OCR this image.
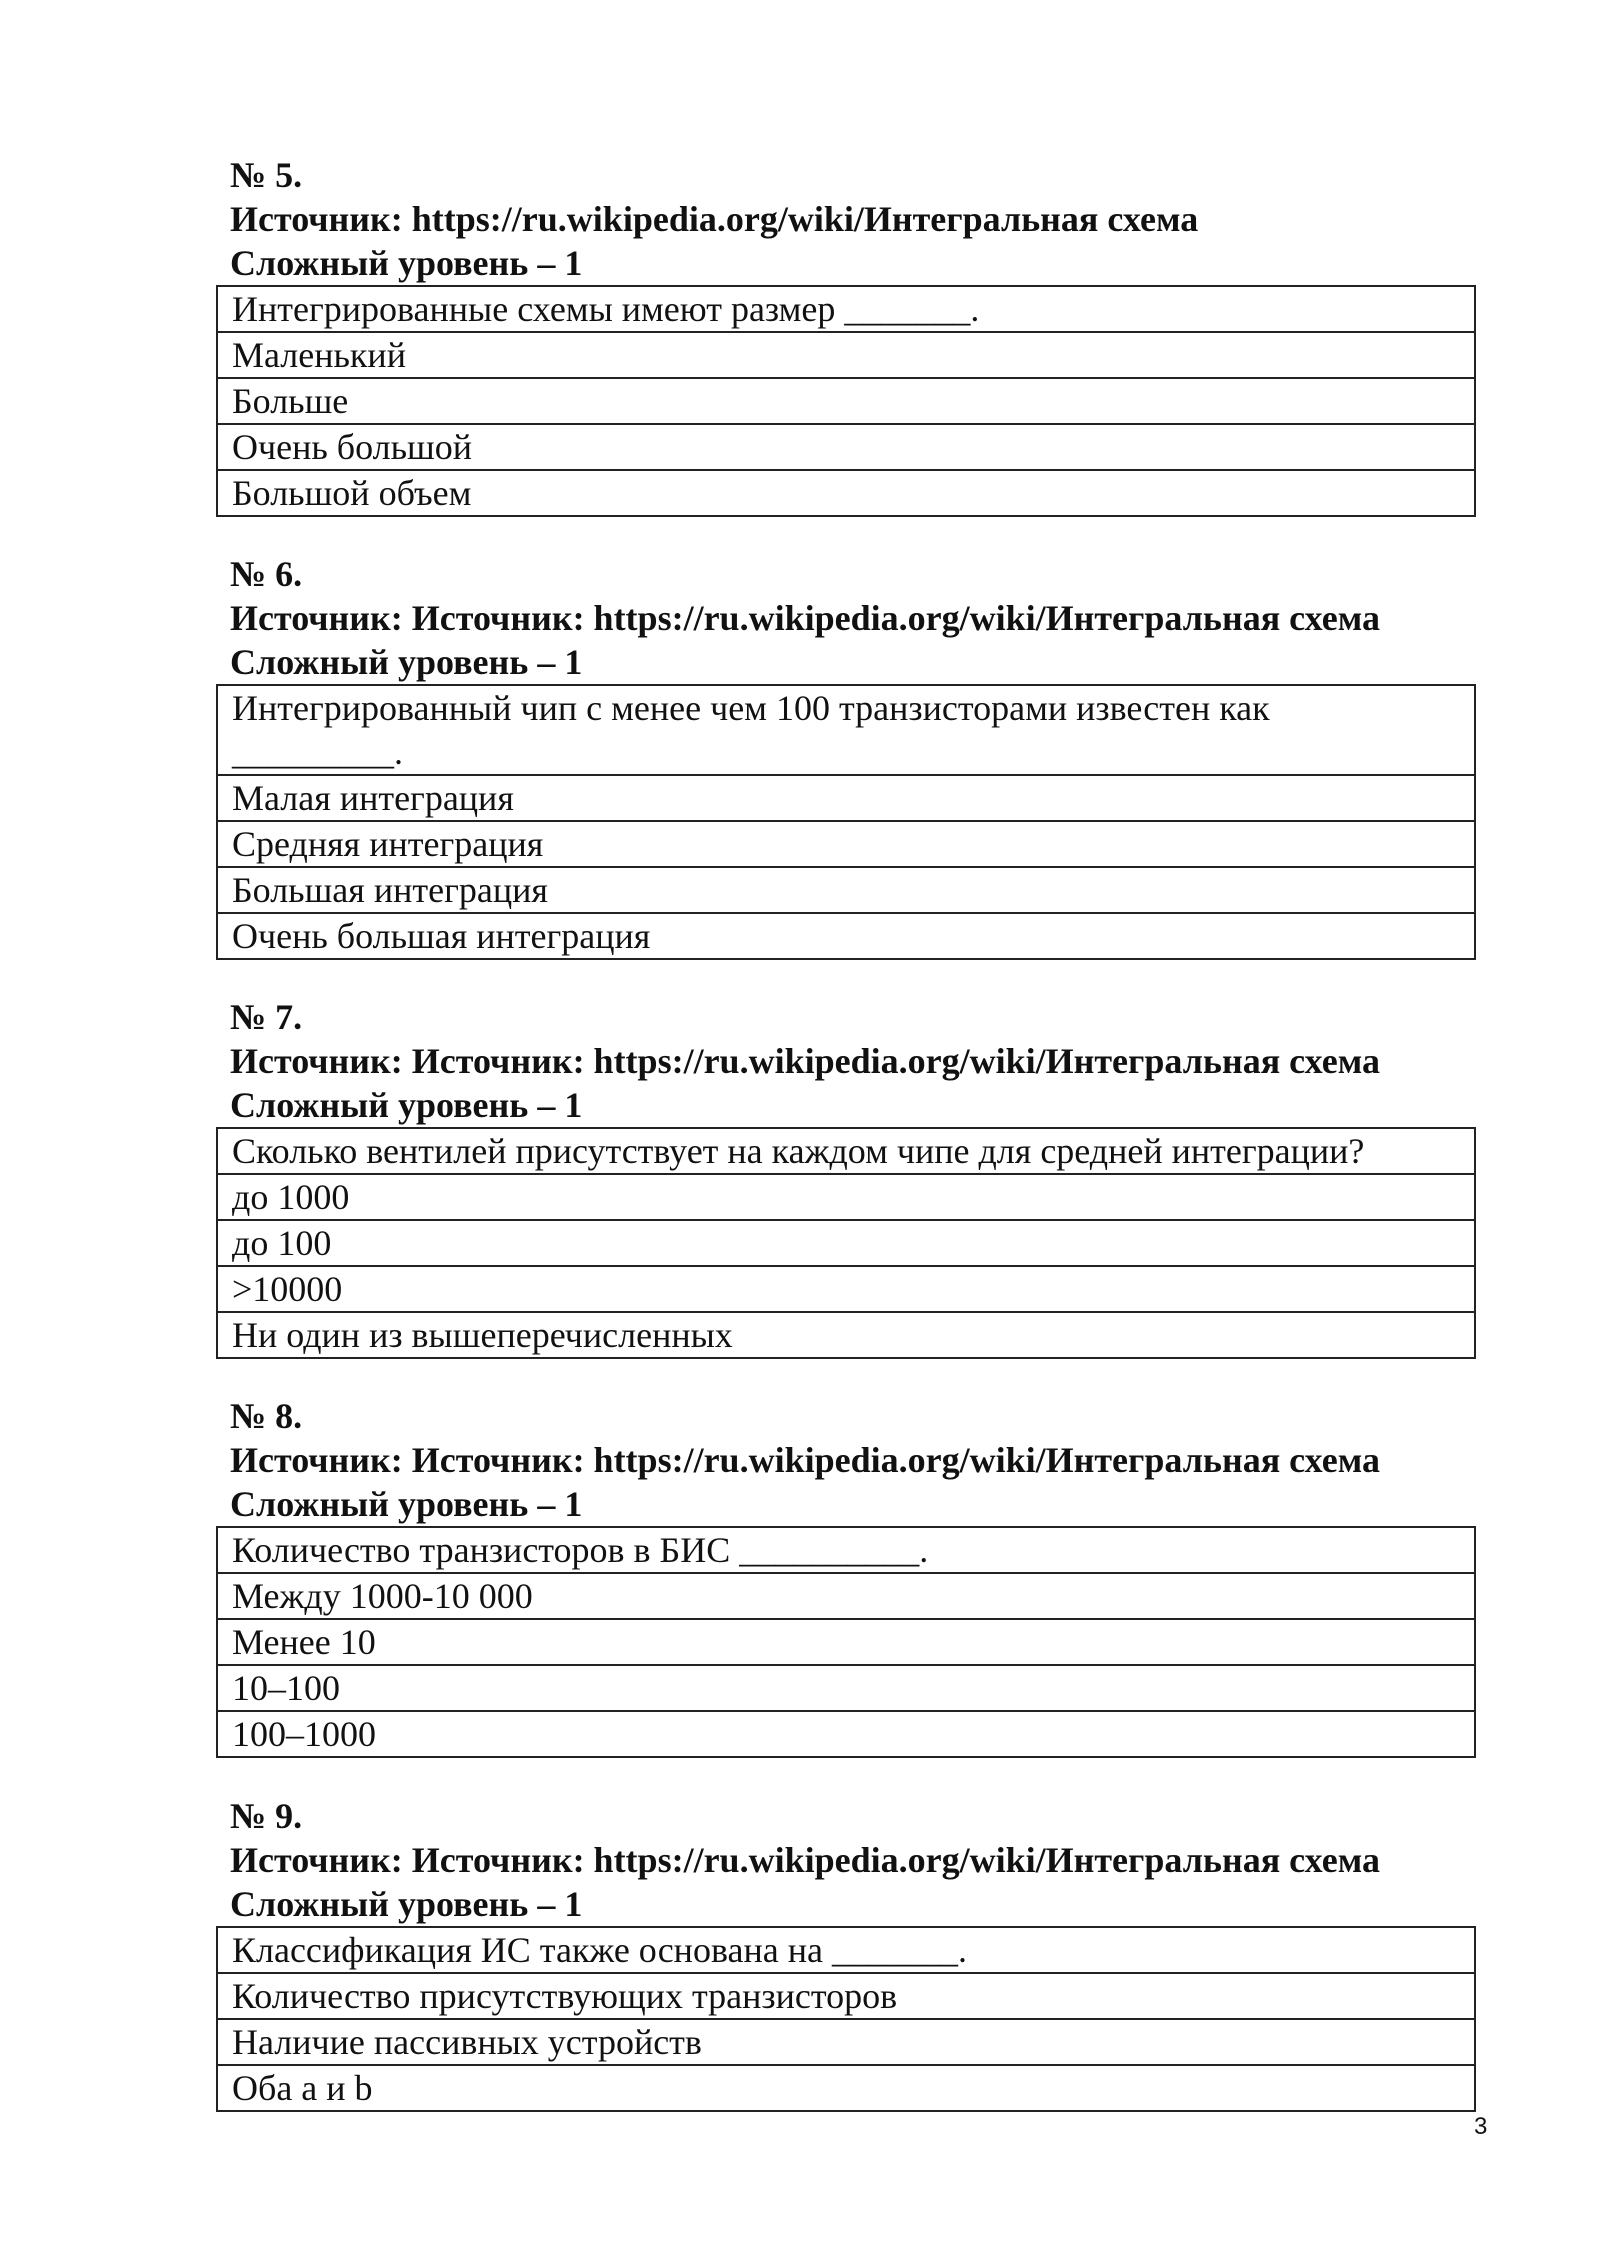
№ 5.
Источник: https://ru.wikipedia.org/wiki/Интегральная схема
Сложный уровень – 1
Интегрированные схемы имеют размер _______.
Маленький
Больше
Очень большой
Большой объем
№ 6.
Источник: Источник: https://ru.wikipedia.org/wiki/Интегральная схема
Сложный уровень – 1
Интегрированный чип с менее чем 100 транзисторами известен как _________.
Малая интеграция
Средняя интеграция
Большая интеграция
Очень большая интеграция
№ 7.
Источник: Источник: https://ru.wikipedia.org/wiki/Интегральная схема
Сложный уровень – 1
Сколько вентилей присутствует на каждом чипе для средней интеграции?
до 1000
до 100
>10000
Ни один из вышеперечисленных
№ 8.
Источник: Источник: https://ru.wikipedia.org/wiki/Интегральная схема
Сложный уровень – 1
Количество транзисторов в БИС __________.
Между 1000-10 000
Менее 10
10–100
100–1000
№ 9.
Источник: Источник: https://ru.wikipedia.org/wiki/Интегральная схема
Сложный уровень – 1
Классификация ИС также основана на _______.
Количество присутствующих транзисторов
Наличие пассивных устройств
Оба a и b
3
